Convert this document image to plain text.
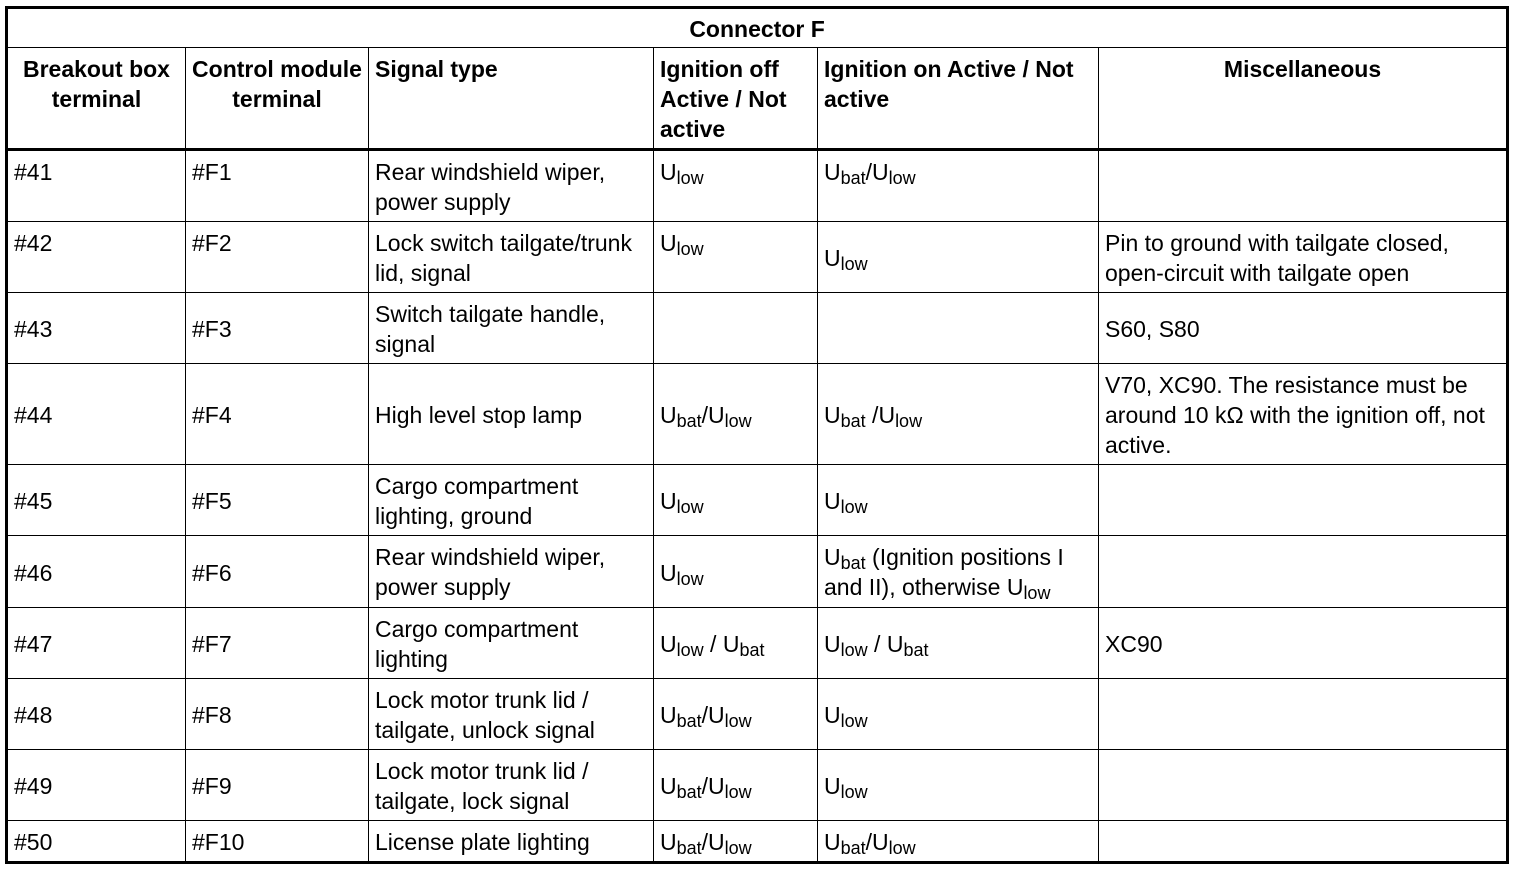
Connector F					
Breakout box terminal	Control module terminal	Signal type	Ignition off Active / Not active	Ignition on Active / Not active	Miscellaneous
#41	#F1	Rear windshield wiper, power supply	$U_{low}$	$U_{bat}/U_{low}$	
#42	#F2	Lock switch tailgate/trunk lid, signal	$U_{low}$	$U_{low}$	Pin to ground with tailgate closed, open-circuit with tailgate open
#43	#F3	Switch tailgate handle, signal			S60, S80
#44	#F4	High level stop lamp	$U_{bat}/U_{low}$	$U_{bat}$ $/U_{low}$	V70, XC90. The resistance must be around 10 kΩ with the ignition off, not active.
#45	#F5	Cargo compartment lighting, ground	$U_{low}$	$U_{low}$	
#46	#F6	Rear windshield wiper, power supply	$U_{low}$	$U_{bat}$ (Ignition positions I and II), otherwise $U_{low}$	
#47	#F7	Cargo compartment lighting	$U_{low} / U_{bat}$	$U_{low} / U_{bat}$	XC90
#48	#F8	Lock motor trunk lid / tailgate, unlock signal	$U_{bat}/U_{low}$	$U_{low}$	
#49	#F9	Lock motor trunk lid / tailgate, lock signal	$U_{bat}/U_{low}$	$U_{low}$	
#50	#F10	License plate lighting	$U_{bat}/U_{low}$	$U_{bat}/U_{low}$	
